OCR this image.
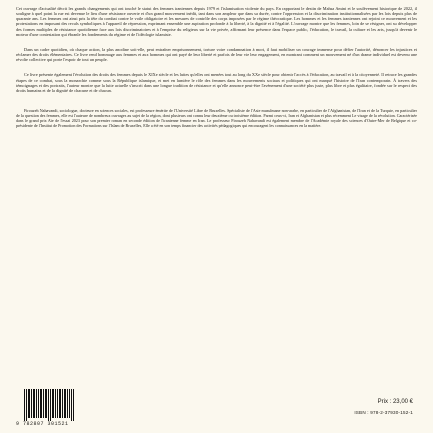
Cet ouvrage d'actualité décrit les grands changements qui ont touché le statut des femmes iraniennes depuis 1979 et l'islamisation violente du pays. En rapportant le destin de Mahsa Amini et le soulèvement historique de 2022, il souligne à quel point la rue est devenue le lieu d'une résistance ouverte et d'un grand mouvement inédit, tant dans son ampleur que dans sa durée, contre l'oppression et la discrimination institutionnalisées par les lois depuis plus de quarante ans. Les femmes ont ainsi pris la tête du combat contre le voile obligatoire et les mesures de contrôle des corps imposées par le régime théocratique. Les hommes et les femmes iraniennes ont rejoint ce mouvement et les protestations en imposant des reculs symboliques à l'appareil de répression, exprimant ensemble une aspiration profonde à la liberté, à la dignité et à l'égalité. L'ouvrage montre que les femmes, loin de se résigner, ont su développer des formes multiples de résistance quotidienne face aux lois discriminatoires et à l'emprise du religieux sur la vie privée, affirmant leur présence dans l'espace public, l'éducation, le travail, la culture et les arts, jusqu'à devenir le moteur d'une contestation qui ébranle les fondements du régime et de l'idéologie islamiste.

Dans un cadre quotidien, où chaque action, la plus anodine soit-elle, peut entraîner emprisonnement, torture voire condamnation à mort, il faut mobiliser un courage immense pour défier l'autorité, dénoncer les injustices et réclamer des droits élémentaires. Ce livre rend hommage aux femmes et aux hommes qui ont payé de leur liberté et parfois de leur vie leur engagement, en montrant comment un mouvement né d'un drame individuel est devenu une révolte collective qui porte l'espoir de tout un peuple.

Ce livre présente également l'évolution des droits des femmes depuis le XIXe siècle et les luttes qu'elles ont menées tout au long du XXe siècle pour obtenir l'accès à l'éducation, au travail et à la citoyenneté. Il retrace les grandes étapes de ce combat, sous la monarchie comme sous la République islamique, et met en lumière le rôle des femmes dans les mouvements sociaux et politiques qui ont marqué l'histoire de l'Iran contemporain. À travers des témoignages et des portraits, l'auteur montre que la lutte actuelle s'inscrit dans une longue tradition de résistance et qu'elle annonce peut-être l'avènement d'une société plus juste, plus libre et plus égalitaire, fondée sur le respect des droits humains et de la dignité de chacune et de chacun.

Firouzeh Nahavandi, sociologue, docteure en sciences sociales, est professeure émérite de l'Université Libre de Bruxelles. Spécialiste de l'Asie musulmane non-arabe, en particulier de l'Afghanistan, de l'Iran et de la Turquie, en particulier de la question des femmes, elle est l'auteure de nombreux ouvrages au sujet de la région, dont plusieurs ont connu leur deuxième ou troisième édition. Parmi ceux-ci, Iran et Afghanistan et plus récemment Le visage de la révolution. Caractérisée dans le grand prix Aïe de l'essai 2023 pour son premier roman en seconde édition de l'iranienne femme en Iran. Le professeur Firouzeh Nahavandi est également membre de l'Académie royale des sciences d'Outre-Mer de Belgique et co-présidente de l'Institut de Promotion des Formations sur l'Islam de Bruxelles, Elle a été en son temps financier des activités pédagogiques qui encouragent les connaissances en la matière.

9 782807 301521
Prix : 23,00 €
ISBN : 978-2-37930-152-1
